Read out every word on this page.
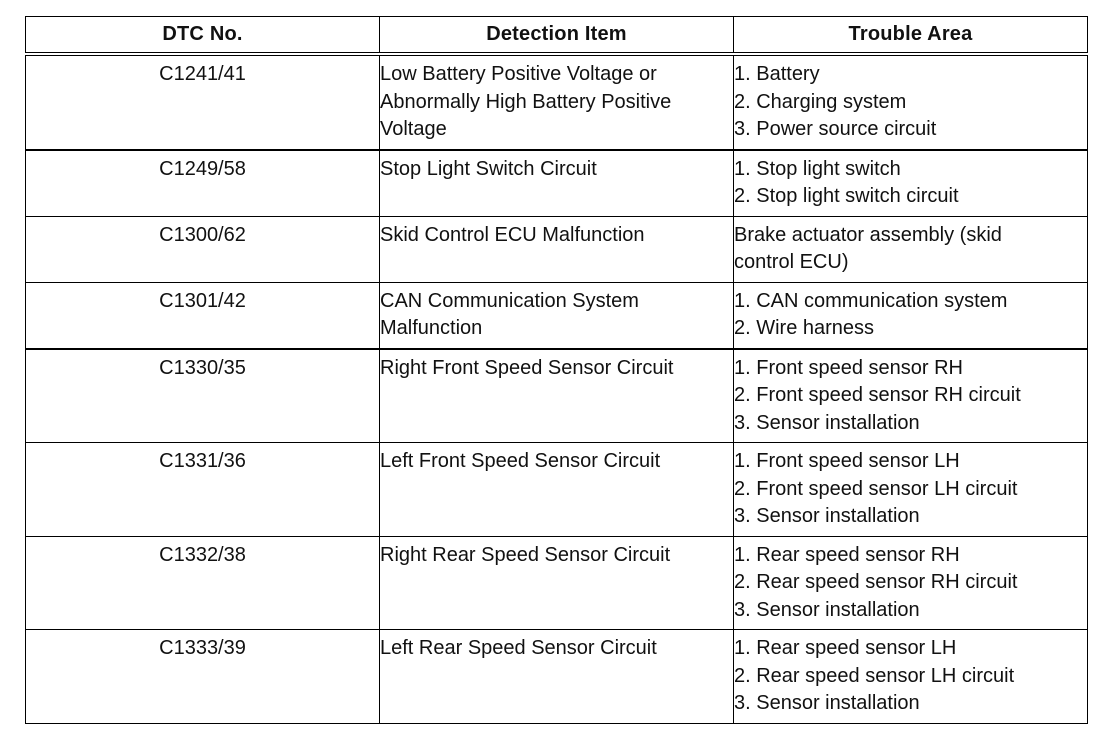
DTC No.	Detection Item	Trouble Area
C1241/41	Low Battery Positive Voltage or
Abnormally High Battery Positive
Voltage	1. Battery
2. Charging system
3. Power source circuit

C1249/58	Stop Light Switch Circuit	1. Stop light switch
2. Stop light switch circuit

C1300/62	Skid Control ECU Malfunction	Brake actuator assembly (skid
control ECU)

C1301/42	CAN Communication System
Malfunction	1. CAN communication system
2. Wire harness

C1330/35	Right Front Speed Sensor Circuit	1. Front speed sensor RH
2. Front speed sensor RH circuit
3. Sensor installation

C1331/36	Left Front Speed Sensor Circuit	1. Front speed sensor LH
2. Front speed sensor LH circuit
3. Sensor installation

C1332/38	Right Rear Speed Sensor Circuit	1. Rear speed sensor RH
2. Rear speed sensor RH circuit
3. Sensor installation

C1333/39	Left Rear Speed Sensor Circuit	1. Rear speed sensor LH
2. Rear speed sensor LH circuit
3. Sensor installation
